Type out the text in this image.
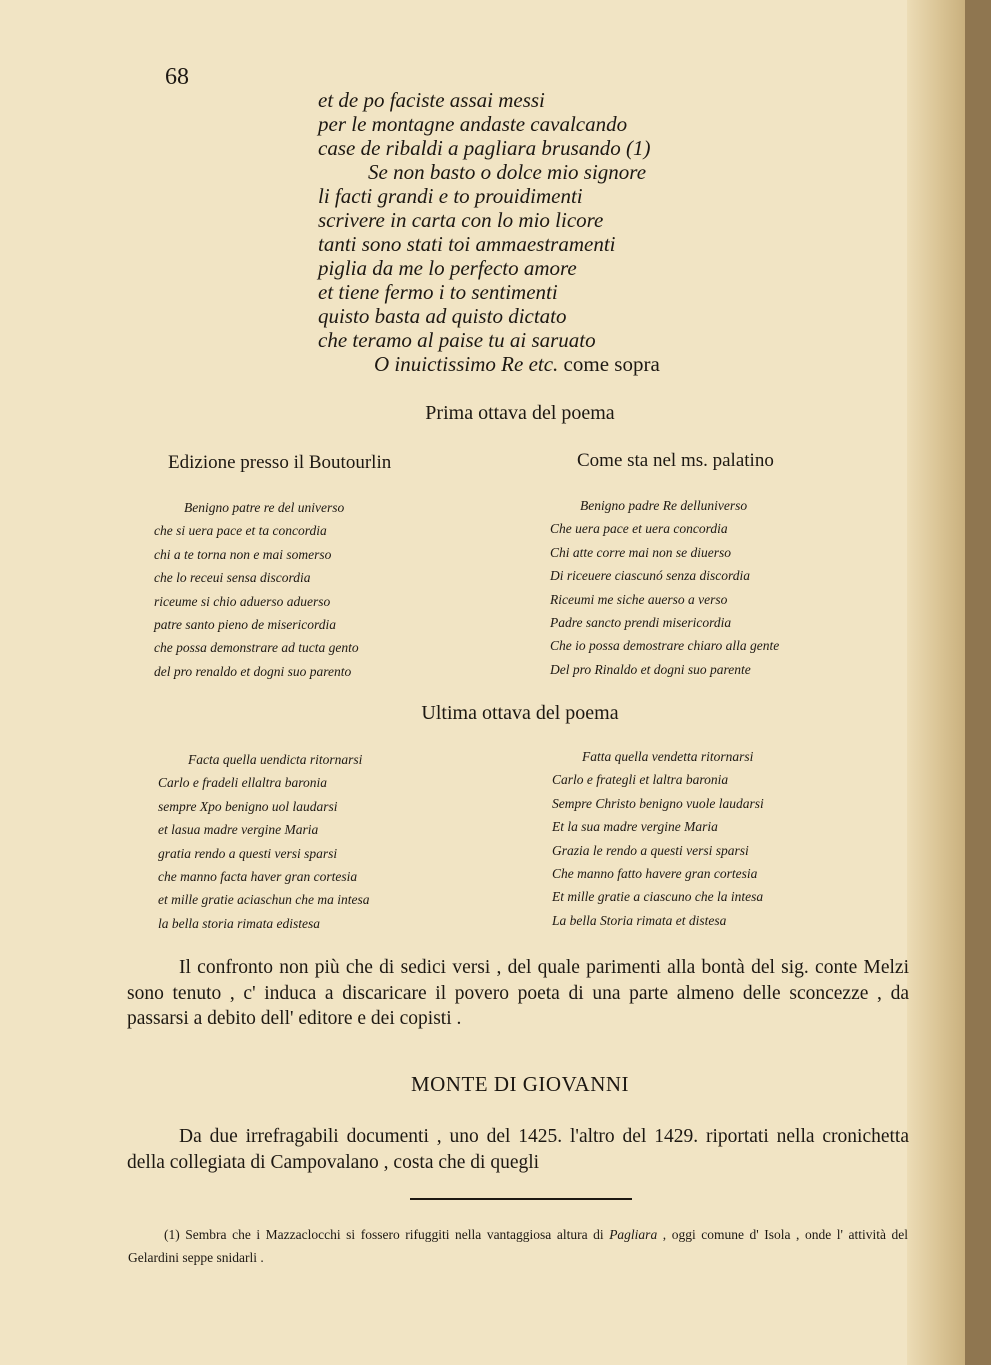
68
et de po faciste assai messi
per le montagne andaste cavalcando
case de ribaldi a pagliara brusando (1)
Se non basto o dolce mio signore
li facti grandi e to prouidimenti
scrivere in carta con lo mio licore
tanti sono stati toi ammaestramenti
piglia da me lo perfecto amore
et tiene fermo i to sentimenti
quisto basta ad quisto dictato
che teramo al paise tu ai saruato
O inuictissimo Re etc. come sopra
Prima ottava del poema
Edizione presso il Boutourlin	Come sta nel ms. palatino
Benigno patre re del universo
che si uera pace et ta concordia
chi a te torna non e mai somerso
che lo receui sensa discordia
riceume si chio aduerso aduerso
patre santo pieno de misericordia
che possa demonstrare ad tucta gento
del pro renaldo et dogni suo parento
Benigno padre Re delluniverso
Che uera pace et uera concordia
Chi atte corre mai non se diuerso
Di riceuere ciascunó senza discordia
Riceumi me siche auerso a verso
Padre sancto prendi misericordia
Che io possa demostrare chiaro alla gente
Del pro Rinaldo et dogni suo parente
Ultima ottava del poema
Facta quella uendicta ritornarsi
Carlo e fradeli ellaltra baronia
sempre Xpo benigno uol laudarsi
et lasua madre vergine Maria
gratia rendo a questi versi sparsi
che manno facta haver gran cortesia
et mille gratie aciaschun che ma intesa
la bella storia rimata edistesa
Fatta quella vendetta ritornarsi
Carlo e frategli et laltra baronia
Sempre Christo benigno vuole laudarsi
Et la sua madre vergine Maria
Grazia le rendo a questi versi sparsi
Che manno fatto havere gran cortesia
Et mille gratie a ciascuno che la intesa
La bella Storia rimata et distesa
Il confronto non più che di sedici versi , del quale parimenti alla bontà del sig. conte Melzi sono tenuto , c' induca a discaricare il povero poeta di una parte almeno delle sconcezze , da passarsi a debito dell' editore e dei copisti .
MONTE DI GIOVANNI
Da due irrefragabili documenti , uno del 1425. l'altro del 1429. riportati nella cronichetta della collegiata di Campovalano , costa che di quegli
(1) Sembra che i Mazzaclocchi si fossero rifuggiti nella vantaggiosa altura di Pagliara , oggi comune d' Isola , onde l' attività del Gelardini seppe snidarli .
